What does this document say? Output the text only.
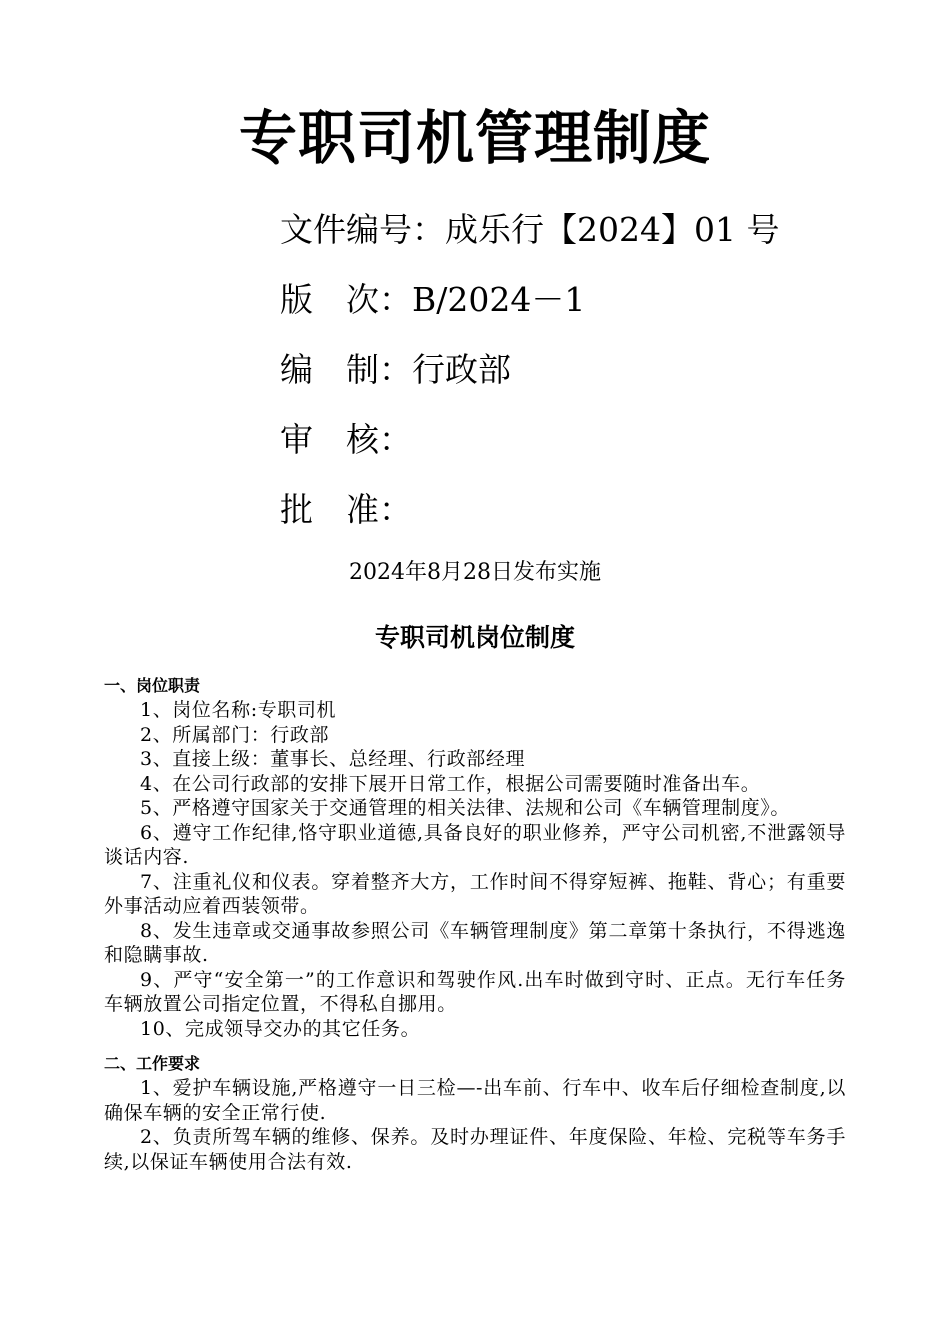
专职司机管理制度
文件编号：成乐行【2024】01 号
版　次：B/2024－1
编　制：行政部
审　核：
批　准：
2024年8月28日发布实施
专职司机岗位制度
一、岗位职责
1、岗位名称:专职司机
2、所属部门：行政部
3、直接上级：董事长、总经理、行政部经理
4、在公司行政部的安排下展开日常工作，根据公司需要随时准备出车。
5、严格遵守国家关于交通管理的相关法律、法规和公司《车辆管理制度》。
6、遵守工作纪律,恪守职业道德,具备良好的职业修养，严守公司机密,不泄露领导谈话内容.
7、注重礼仪和仪表。穿着整齐大方，工作时间不得穿短裤、拖鞋、背心；有重要外事活动应着西装领带。
8、发生违章或交通事故参照公司《车辆管理制度》第二章第十条执行，不得逃逸和隐瞒事故.
9、严守“安全第一”的工作意识和驾驶作风.出车时做到守时、正点。无行车任务车辆放置公司指定位置，不得私自挪用。
10、完成领导交办的其它任务。
二、工作要求
1、爱护车辆设施,严格遵守一日三检—-出车前、行车中、收车后仔细检查制度,以确保车辆的安全正常行使.
2、负责所驾车辆的维修、保养。及时办理证件、年度保险、年检、完税等车务手续,以保证车辆使用合法有效.
